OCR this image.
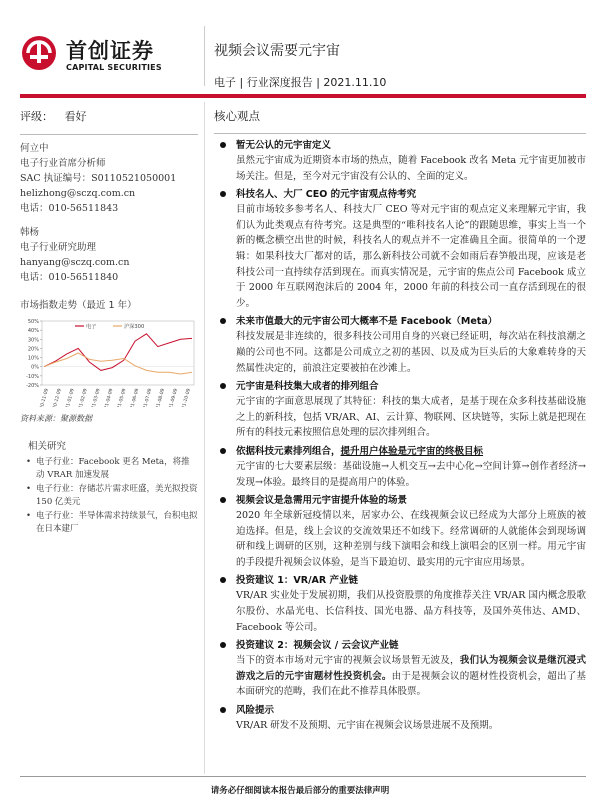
首创证券
CAPITAL SECURITIES
视频会议需要元宇宙
电子 | 行业深度报告 | 2021.11.10
评级： 看好
何立中
电子行业首席分析师
SAC 执证编号：S0110521050001
helizhong@sczq.com.cn
电话：010-56511843
韩杨
电子行业研究助理
hanyang@sczq.com.cn
电话：010-56511840
市场指数走势（最近 1 年）
50%
40%
30%
20%
10%
0%
-10%
-20%
20-11-09 20-12-09 21-01-09 21-02-09 21-03-09 21-04-09 21-05-09 21-06-09 21-07-09 21-08-09 21-09-09 21-10-09
电子	沪深300
资料来源：聚源数据
相关研究
• 电子行业：Facebook 更名 Meta，将推动 VRAR 加速发展
• 电子行业：存储芯片需求旺盛，美光拟投资 150 亿美元
• 电子行业：半导体需求持续景气，台积电拟在日本建厂
核心观点
暂无公认的元宇宙定义
虽然元宇宙成为近期资本市场的热点，随着 Facebook 改名 Meta 元宇宙更加被市场关注。但是，至今对元宇宙没有公认的、全面的定义。
科技名人、大厂 CEO 的元宇宙观点待考究
目前市场较多参考名人、科技大厂 CEO 等对元宇宙的观点定义来理解元宇宙，我们认为此类观点有待考究。这是典型的“唯科技名人论”的跟随思维，事实上当一个新的概念横空出世的时候，科技名人的观点并不一定准确且全面。很简单的一个逻辑：如果科技大厂都对的话，那么新科技公司就不会如雨后春笋般出现，应该是老科技公司一直持续存活到现在。而真实情况是，元宇宙的焦点公司 Facebook 成立于 2000 年互联网泡沫后的 2004 年，2000 年前的科技公司一直存活到现在的很少。
未来市值最大的元宇宙公司大概率不是 Facebook（Meta）
科技发展是非连续的，很多科技公司用自身的兴衰已经证明，每次站在科技浪潮之巅的公司也不同。这都是公司成立之初的基因、以及成为巨头后的大象难转身的天然属性决定的，前浪注定要被拍在沙滩上。
元宇宙是科技集大成者的排列组合
元宇宙的字面意思展现了其特征：科技的集大成者，是基于现在众多科技基础设施之上的新科技，包括 VR/AR、AI、云计算、物联网、区块链等，实际上就是把现在所有的科技元素按照信息处理的层次排列组合。
依据科技元素排列组合，提升用户体验是元宇宙的终极目标
元宇宙的七大要素层级：基础设施→人机交互→去中心化→空间计算→创作者经济→发现→体验。最终目的是提高用户的体验。
视频会议是急需用元宇宙提升体验的场景
2020 年全球新冠疫情以来，居家办公、在线视频会议已经成为大部分上班族的被迫选择。但是，线上会议的交流效果还不如线下。经常调研的人就能体会到现场调研和线上调研的区别，这种差别与线下演唱会和线上演唱会的区别一样。用元宇宙的手段提升视频会议体验，是当下最迫切、最实用的元宇宙应用场景。
投资建议 1：VR/AR 产业链
VR/AR 实业处于发展初期，我们从投资股票的角度推荐关注 VR/AR 国内概念股歌尔股份、水晶光电、长信科技、国光电器、晶方科技等，及国外英伟达、AMD、Facebook 等公司。
投资建议 2：视频会议 / 云会议产业链
当下的资本市场对元宇宙的视频会议场景暂无波及，我们认为视频会议是继沉浸式游戏之后的元宇宙题材性投资机会。由于是视频会议的题材性投资机会，超出了基本面研究的范畴，我们在此不推荐具体股票。
风险提示
VR/AR 研发不及预期、元宇宙在视频会议场景进展不及预期。
请务必仔细阅读本报告最后部分的重要法律声明
